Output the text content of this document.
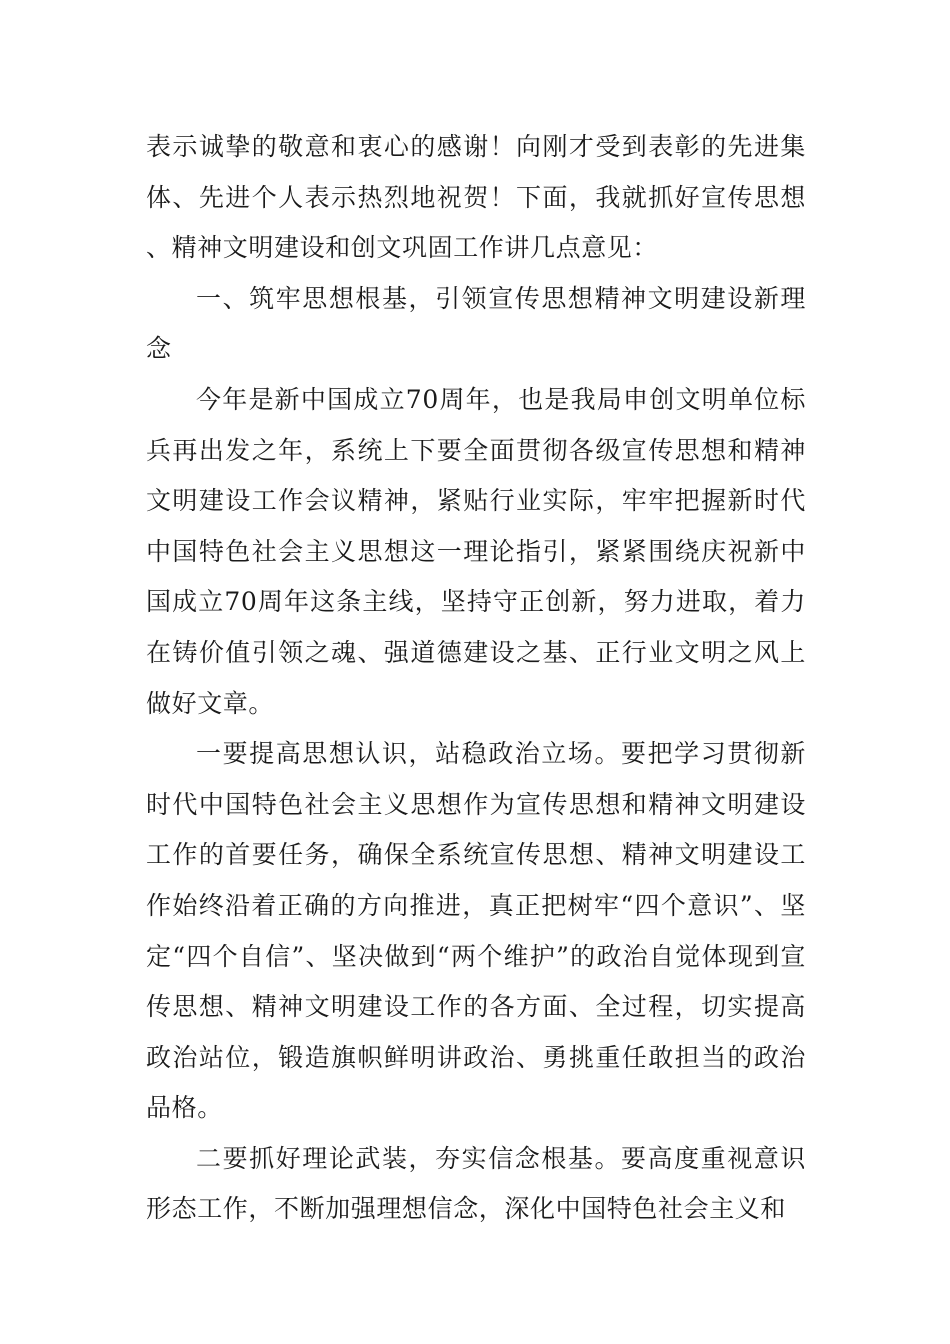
表示诚挚的敬意和衷心的感谢！向刚才受到表彰的先进集体、先进个人表示热烈地祝贺！下面，我就抓好宣传思想、精神文明建设和创文巩固工作讲几点意见：

一、筑牢思想根基，引领宣传思想精神文明建设新理念

今年是新中国成立70周年，也是我局申创文明单位标兵再出发之年，系统上下要全面贯彻各级宣传思想和精神文明建设工作会议精神，紧贴行业实际，牢牢把握新时代中国特色社会主义思想这一理论指引，紧紧围绕庆祝新中国成立70周年这条主线，坚持守正创新，努力进取，着力在铸价值引领之魂、强道德建设之基、正行业文明之风上做好文章。

一要提高思想认识，站稳政治立场。要把学习贯彻新时代中国特色社会主义思想作为宣传思想和精神文明建设工作的首要任务，确保全系统宣传思想、精神文明建设工作始终沿着正确的方向推进，真正把树牢“四个意识”、坚定“四个自信”、坚决做到“两个维护”的政治自觉体现到宣传思想、精神文明建设工作的各方面、全过程，切实提高政治站位，锻造旗帜鲜明讲政治、勇挑重任敢担当的政治品格。

二要抓好理论武装，夯实信念根基。要高度重视意识形态工作，不断加强理想信念，深化中国特色社会主义和
